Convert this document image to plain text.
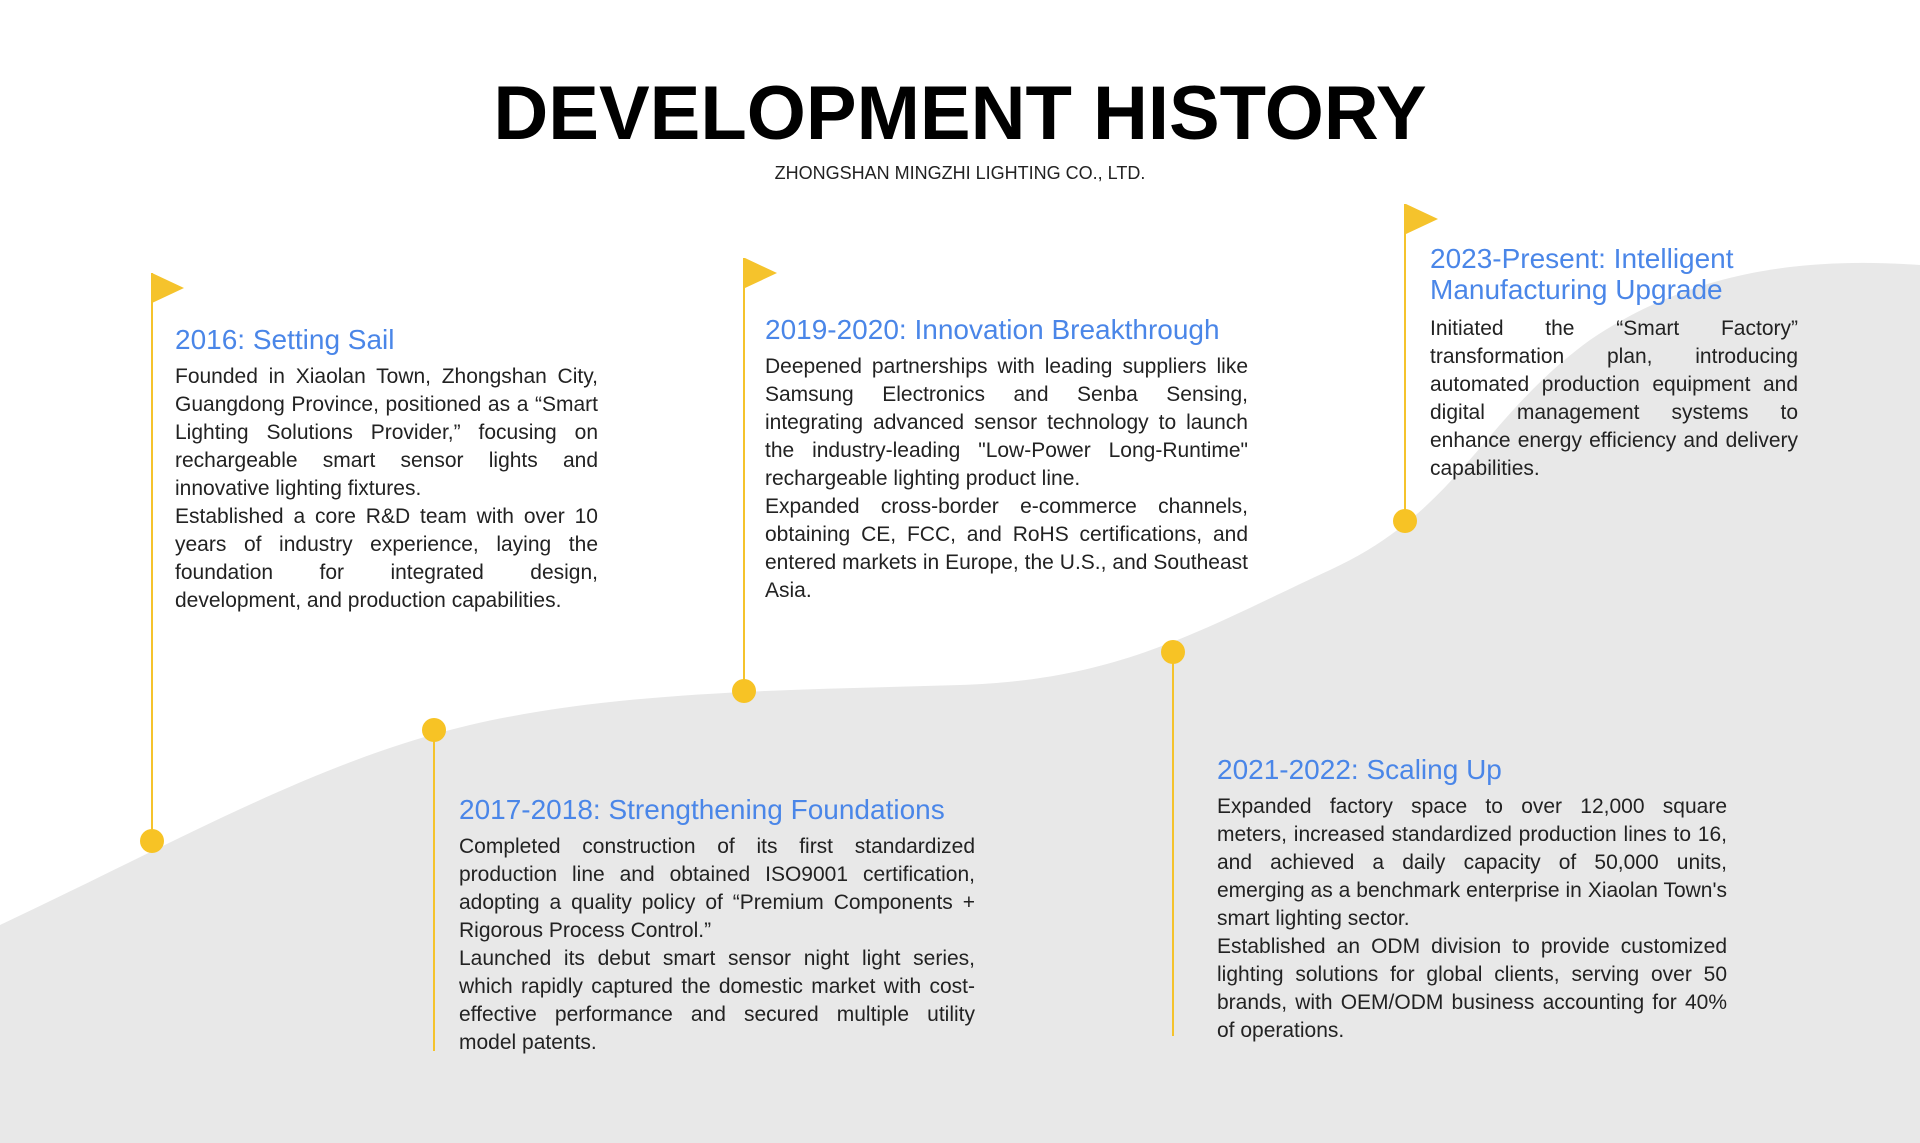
DEVELOPMENT HISTORY

ZHONGSHAN MINGZHI LIGHTING CO., LTD.

2016: Setting Sail

Founded in Xiaolan Town, Zhongshan City, Guangdong Province, positioned as a “Smart Lighting Solutions Provider,” focusing on rechargeable smart sensor lights and innovative lighting fixtures.

Established a core R&D team with over 10 years of industry experience, laying the foundation for integrated design, development, and production capabilities.

2017-2018: Strengthening Foundations

Completed construction of its first standardized production line and obtained ISO9001 certification, adopting a quality policy of “Premium Components + Rigorous Process Control.”

Launched its debut smart sensor night light series, which rapidly captured the domestic market with cost-effective performance and secured multiple utility model patents.

2019-2020: Innovation Breakthrough

Deepened partnerships with leading suppliers like Samsung Electronics and Senba Sensing, integrating advanced sensor technology to launch the industry-leading "Low-Power Long-Runtime" rechargeable lighting product line.

Expanded cross-border e-commerce channels, obtaining CE, FCC, and RoHS certifications, and entered markets in Europe, the U.S., and Southeast Asia.

2021-2022: Scaling Up

Expanded factory space to over 12,000 square meters, increased standardized production lines to 16, and achieved a daily capacity of 50,000 units, emerging as a benchmark enterprise in Xiaolan Town's smart lighting sector.

Established an ODM division to provide customized lighting solutions for global clients, serving over 50 brands, with OEM/ODM business accounting for 40% of operations.

2023-Present: Intelligent
Manufacturing Upgrade

Initiated the “Smart Factory” transformation plan, introducing automated production equipment and digital management systems to enhance energy efficiency and delivery capabilities.
